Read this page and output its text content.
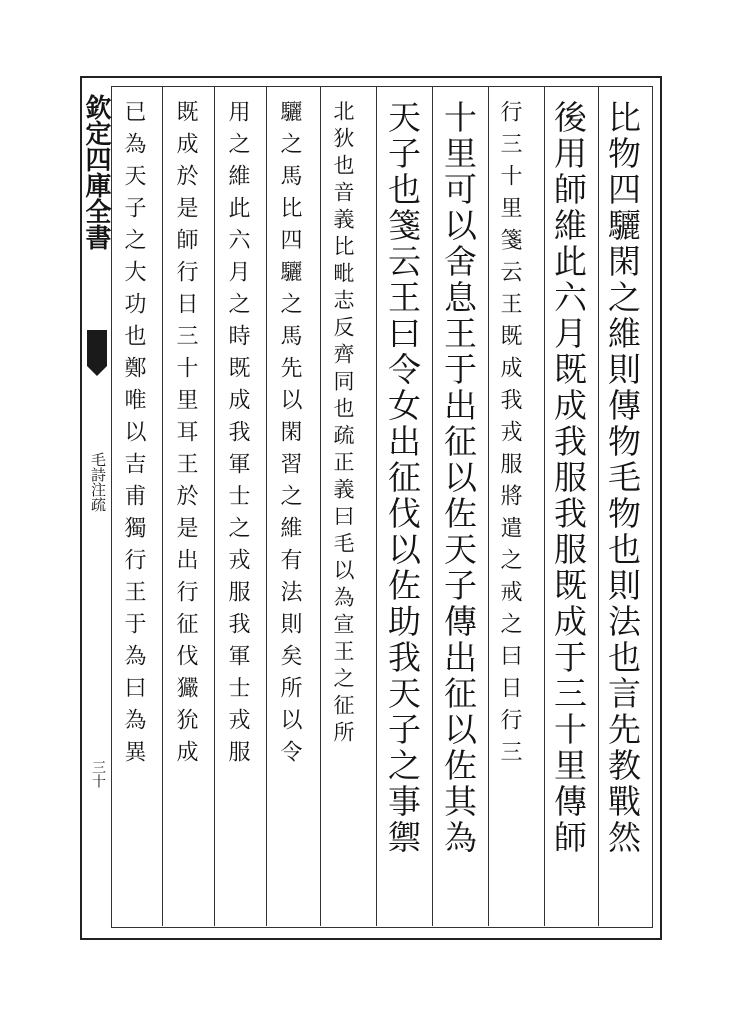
欽定四庫全書
毛詩注疏
三十	比物四驪閑之維則傳物毛物也則法也言先教戰然
後用師維此六月既成我服我服既成于三十里傳師
行三十里箋云王既成我戎服將遣之戒之曰日行三
十里可以舍息王于出征以佐天子傳出征以佐其為
天子也箋云王曰令女出征伐以佐助我天子之事禦
北狄也音義比毗志反齊同也疏正義曰毛以為宣王之征所
驪之馬比四驪之馬先以閑習之維有法則矣所以令
用之維此六月之時既成我軍士之戎服我軍士戎服
既成於是師行日三十里耳王於是出行征伐玁狁成
已為天子之大功也鄭唯以吉甫獨行王于為曰為異
